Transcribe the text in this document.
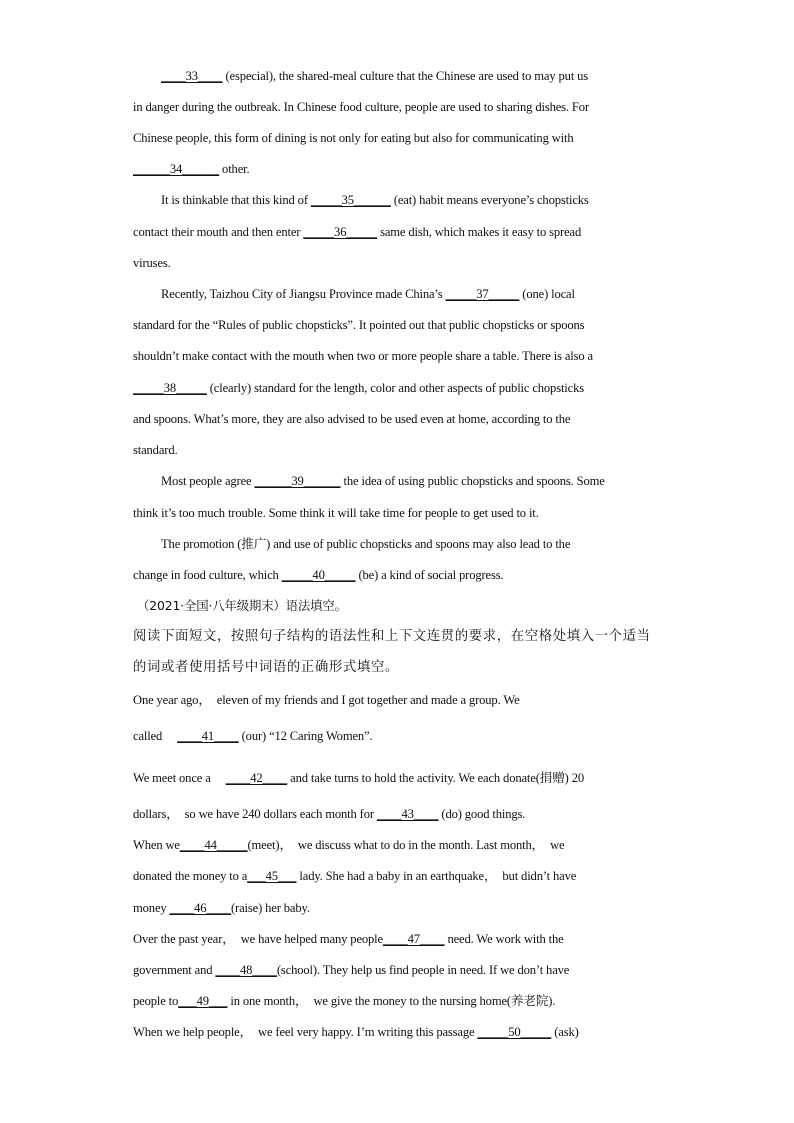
____33____ (especial), the shared-meal culture that the Chinese are used to may put us
in danger during the outbreak. In Chinese food culture, people are used to sharing dishes. For
Chinese people, this form of dining is not only for eating but also for communicating with
______34______ other.
It is thinkable that this kind of _____35______ (eat) habit means everyone’s chopsticks
contact their mouth and then enter _____36_____ same dish, which makes it easy to spread
viruses.
Recently, Taizhou City of Jiangsu Province made China’s _____37_____ (one) local
standard for the “Rules of public chopsticks”. It pointed out that public chopsticks or spoons
shouldn’t make contact with the mouth when two or more people share a table. There is also a
_____38_____ (clearly) standard for the length, color and other aspects of public chopsticks
and spoons. What’s more, they are also advised to be used even at home, according to the
standard.
Most people agree ______39______ the idea of using public chopsticks and spoons. Some
think it’s too much trouble. Some think it will take time for people to get used to it.
The promotion (推广) and use of public chopsticks and spoons may also lead to the
change in food culture, which _____40_____ (be) a kind of social progress.
（2021·全国·八年级期末）语法填空。
阅读下面短文，按照句子结构的语法性和上下文连贯的要求，在空格处填入一个适当
的词或者使用括号中词语的正确形式填空。
One year ago，  eleven of my friends and I got together and made a group. We
called     ____41____ (our) “12 Caring Women”.
We meet once a     ____42____ and take turns to hold the activity. We each donate(捐赠) 20
dollars，  so we have 240 dollars each month for ____43____ (do) good things.
When we____44_____(meet)，  we discuss what to do in the month. Last month，  we
donated the money to a___45___ lady. She had a baby in an earthquake，  but didn’t have
money ____46____(raise) her baby.
Over the past year，  we have helped many people____47____ need. We work with the
government and ____48____(school). They help us find people in need. If we don’t have
people to___49___ in one month，  we give the money to the nursing home(养老院).
When we help people，  we feel very happy. I’m writing this passage _____50_____ (ask)
